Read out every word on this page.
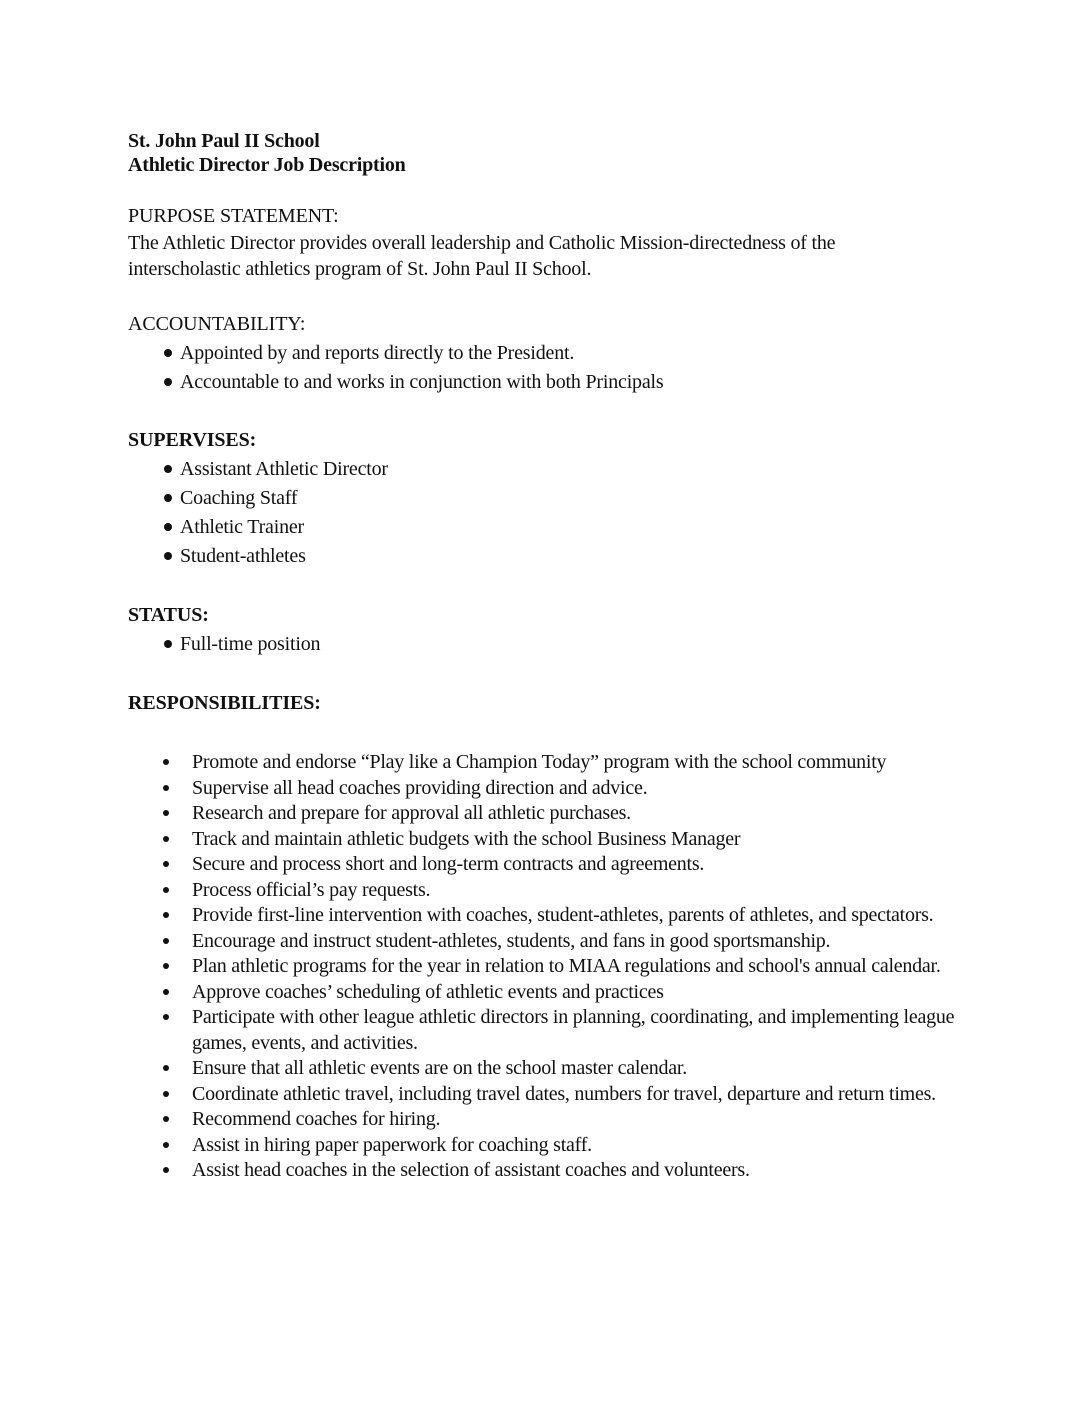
St. John Paul II School
Athletic Director Job Description
PURPOSE STATEMENT:
The Athletic Director provides overall leadership and Catholic Mission-directedness of the interscholastic athletics program of St. John Paul II School.
ACCOUNTABILITY:
Appointed by and reports directly to the President.
Accountable to and works in conjunction with both Principals
SUPERVISES:
Assistant Athletic Director
Coaching Staff
Athletic Trainer
Student-athletes
STATUS:
Full-time position
RESPONSIBILITIES:
Promote and endorse “Play like a Champion Today” program with the school community
Supervise all head coaches providing direction and advice.
Research and prepare for approval all athletic purchases.
Track and maintain athletic budgets with the school Business Manager
Secure and process short and long-term contracts and agreements.
Process official’s pay requests.
Provide first-line intervention with coaches, student-athletes, parents of athletes, and spectators.
Encourage and instruct student-athletes, students, and fans in good sportsmanship.
Plan athletic programs for the year in relation to MIAA regulations and school's annual calendar.
Approve coaches’ scheduling of athletic events and practices
Participate with other league athletic directors in planning, coordinating, and implementing league games, events, and activities.
Ensure that all athletic events are on the school master calendar.
Coordinate athletic travel, including travel dates, numbers for travel, departure and return times.
Recommend coaches for hiring.
Assist in hiring paper paperwork for coaching staff.
Assist head coaches in the selection of assistant coaches and volunteers.
